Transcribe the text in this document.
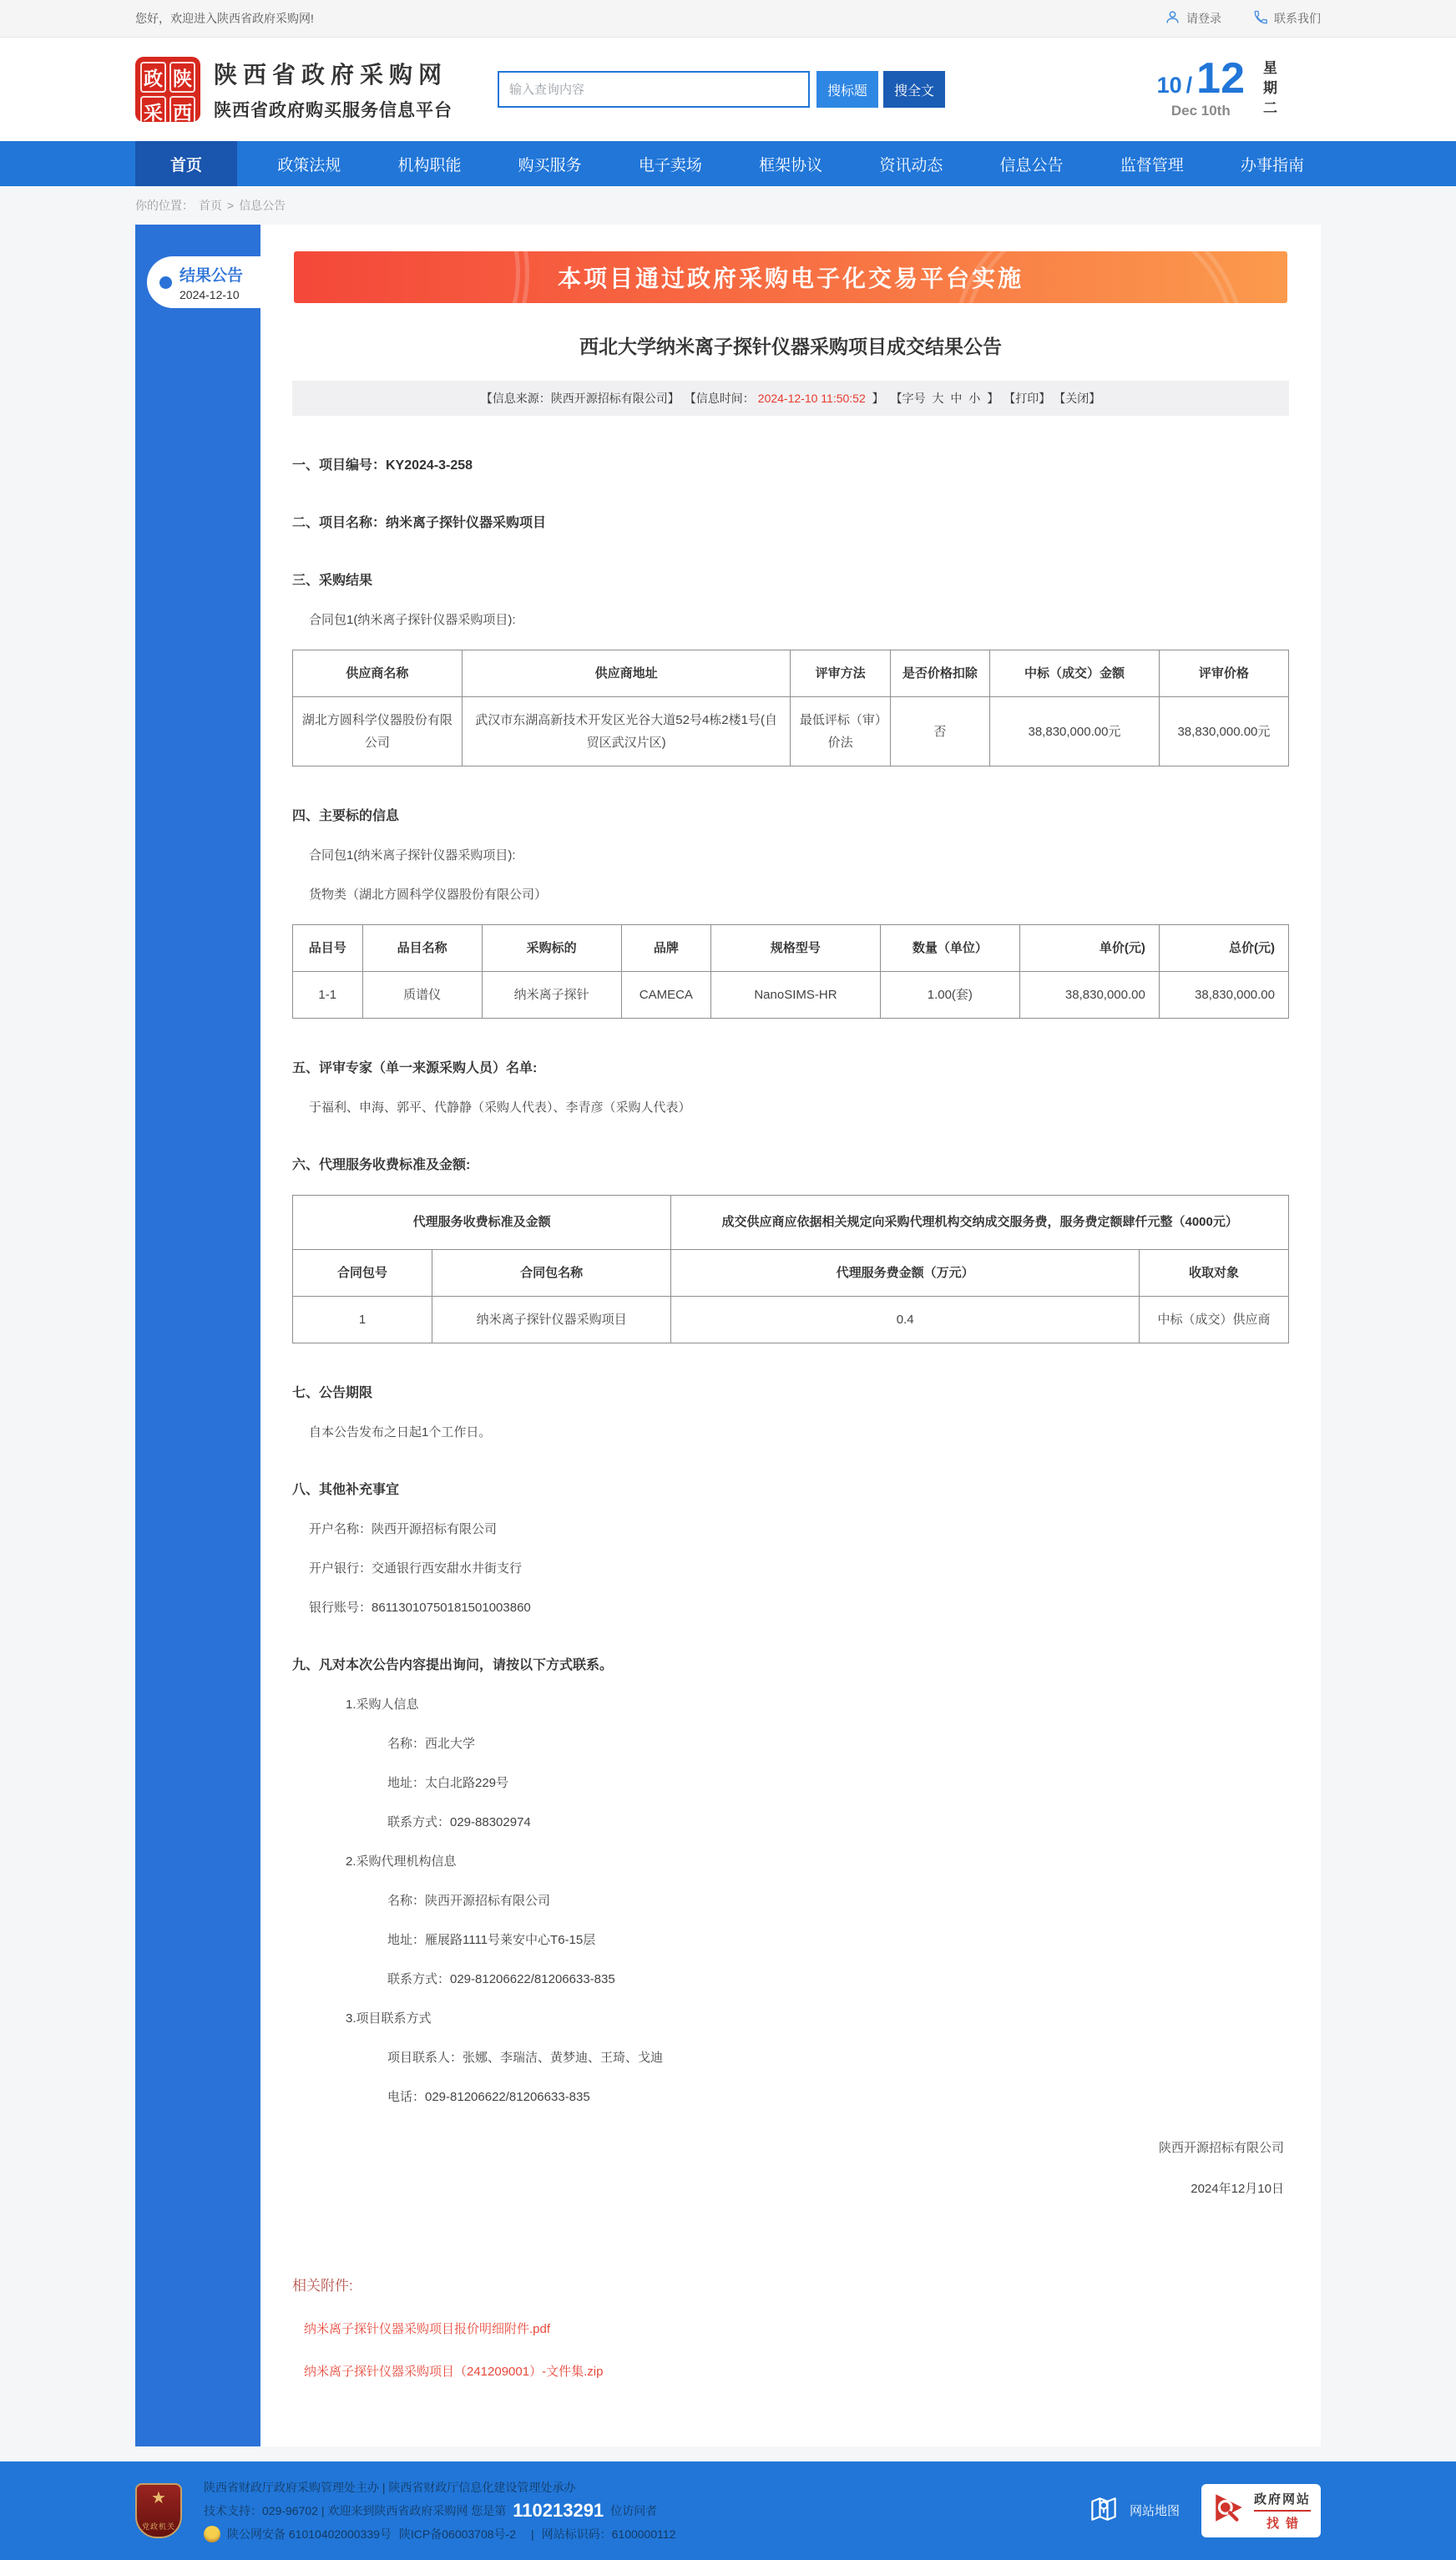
您好，欢迎进入陕西省政府采购网!	请登录	联系我们
政 陕
采 西
陕西省政府采购网
陕西省政府购买服务信息平台
输入查询内容
搜标题	搜全文	10 / 12
Dec 10th	星期二
首页	政策法规	机构职能	购买服务	电子卖场	框架协议	资讯动态	信息公告	监督管理	办事指南
你的位置： 首页 > 信息公告
结果公告
2024-12-10
本项目通过政府采购电子化交易平台实施
西北大学纳米离子探针仪器采购项目成交结果公告
【信息来源：陕西开源招标有限公司】 【信息时间： 2024-12-10 11:50:52 】 【字号 大 中 小 】 【打印】 【关闭】

一、项目编号：KY2024-3-258

二、项目名称：纳米离子探针仪器采购项目

三、采购结果

合同包1(纳米离子探针仪器采购项目):

供应商名称	供应商地址	评审方法	是否价格扣除	中标（成交）金额	评审价格
湖北方圆科学仪器股份有限公司	武汉市东湖高新技术开发区光谷大道52号4栋2楼1号(自贸区武汉片区)	最低评标（审）价法	否	38,830,000.00元	38,830,000.00元

四、主要标的信息

合同包1(纳米离子探针仪器采购项目):

货物类（湖北方圆科学仪器股份有限公司）

品目号	品目名称	采购标的	品牌	规格型号	数量（单位）	单价(元)	总价(元)
1-1	质谱仪	纳米离子探针	CAMECA	NanoSIMS-HR	1.00(套)	38,830,000.00	38,830,000.00

五、评审专家（单一来源采购人员）名单:

于福利、申海、郭平、代静静（采购人代表）、李青彦（采购人代表）

六、代理服务收费标准及金额:

代理服务收费标准及金额		成交供应商应依据相关规定向采购代理机构交纳成交服务费，服务费定额肆仟元整（4000元）	
合同包号	合同包名称	代理服务费金额（万元）	收取对象
1	纳米离子探针仪器采购项目	0.4	中标（成交）供应商

七、公告期限

自本公告发布之日起1个工作日。

八、其他补充事宜

开户名称：陕西开源招标有限公司

开户银行：交通银行西安甜水井街支行

银行账号：86113010750181501003860

九、凡对本次公告内容提出询问，请按以下方式联系。

1.采购人信息

名称：西北大学

地址：太白北路229号

联系方式：029-88302974

2.采购代理机构信息

名称：陕西开源招标有限公司

地址：雁展路1111号莱安中心T6-15层

联系方式：029-81206622/81206633-835

3.项目联系方式

项目联系人：张娜、李瑞洁、黄梦迪、王琦、戈迪

电话：029-81206622/81206633-835

陕西开源招标有限公司
2024年12月10日
相关附件:
纳米离子探针仪器采购项目报价明细附件.pdf
纳米离子探针仪器采购项目（241209001）-文件集.zip
★ 党政机关
陕西省财政厅政府采购管理处主办 | 陕西省财政厅信息化建设管理处承办
技术支持：029-96702 | 欢迎来到陕西省政府采购网 您是第 110213291 位访问者
陕公网安备 61010402000339号 陕ICP备06003708号-2 | 网站标识码：6100000112
网站地图
政府网站
找错
